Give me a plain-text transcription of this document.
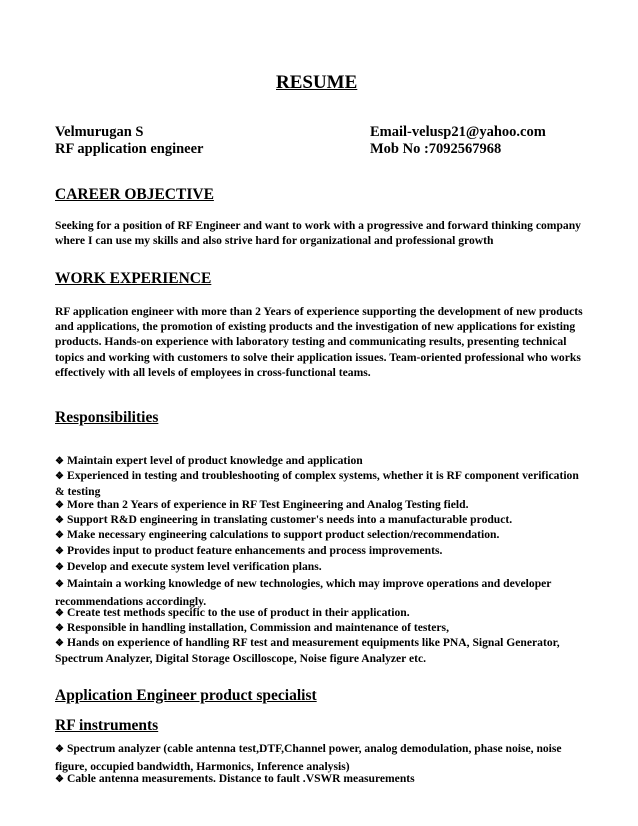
RESUME
Velmurugan S
RF application engineer
Email-velusp21@yahoo.com
Mob No :7092567968
CAREER OBJECTIVE
Seeking for a position of RF Engineer and want to work with a progressive and forward thinking company where I can use my skills and also strive hard for organizational and professional growth
WORK EXPERIENCE
RF application engineer with more than 2 Years of experience supporting the development of new products and applications, the promotion of existing products and the investigation of new applications for existing products. Hands-on experience with laboratory testing and communicating results, presenting technical topics and working with customers to solve their application issues. Team-oriented professional who works effectively with all levels of employees in cross-functional teams.
Responsibilities
❖ Maintain expert level of product knowledge and application
❖ Experienced in testing and troubleshooting of complex systems, whether it is RF component verification & testing
❖ More than 2 Years of experience in RF Test Engineering and Analog Testing field.
❖ Support R&D engineering in translating customer's needs into a manufacturable product.
❖ Make necessary engineering calculations to support product selection/recommendation.
❖ Provides input to product feature enhancements and process improvements.
❖ Develop and execute system level verification plans.
❖ Maintain a working knowledge of new technologies, which may improve operations and developer recommendations accordingly.
❖ Create test methods specific to the use of product in their application.
❖ Responsible in handling installation, Commission and maintenance of testers,
❖ Hands on experience of handling RF test and measurement equipments like PNA, Signal Generator, Spectrum Analyzer, Digital Storage Oscilloscope, Noise figure Analyzer etc.
Application Engineer product specialist
RF instruments
❖ Spectrum analyzer (cable antenna test,DTF,Channel power, analog demodulation, phase noise, noise figure, occupied bandwidth, Harmonics, Inference analysis)
❖ Cable antenna measurements. Distance to fault .VSWR measurements
